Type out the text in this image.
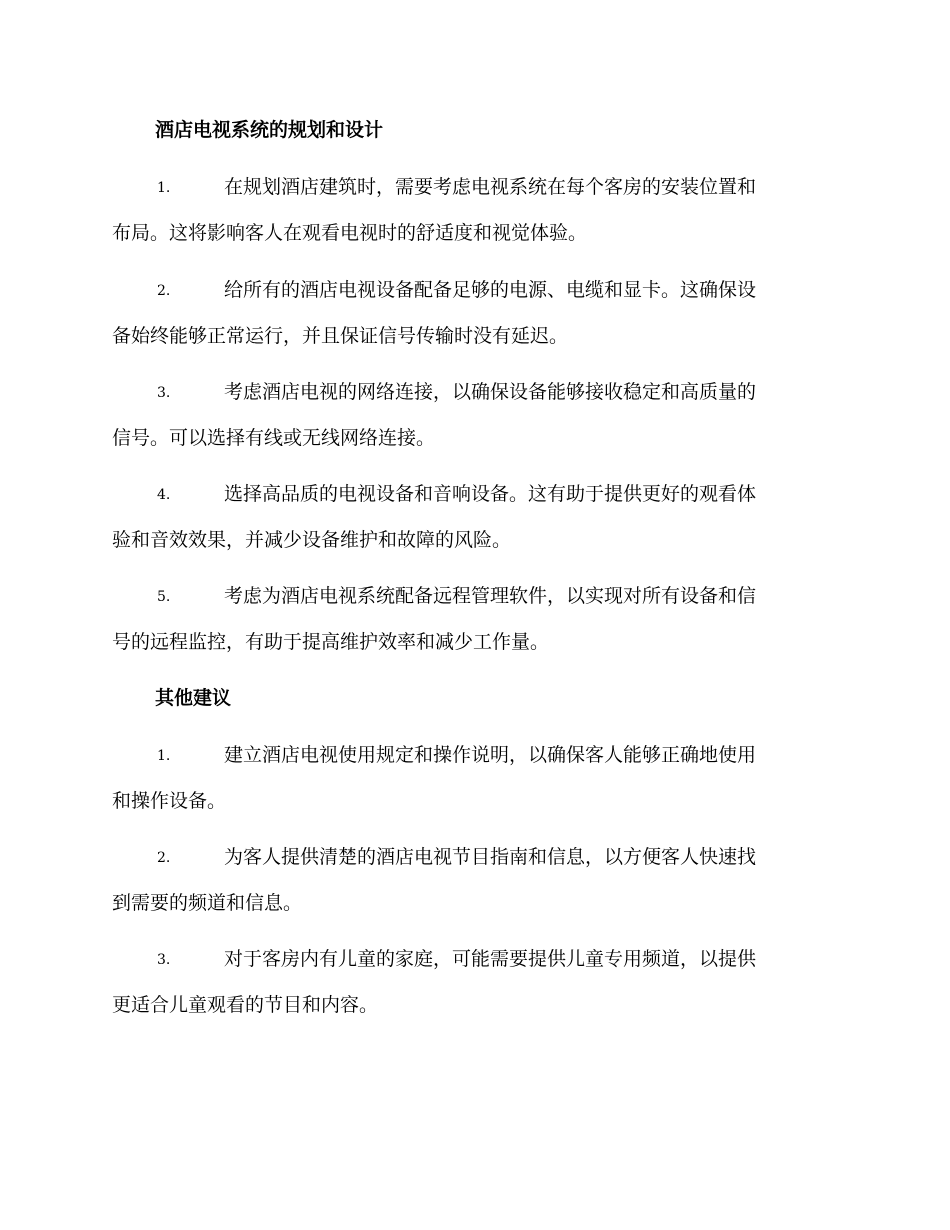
酒店电视系统的规划和设计
1.	在规划酒店建筑时，需要考虑电视系统在每个客房的安装位置和
布局。这将影响客人在观看电视时的舒适度和视觉体验。
2.	给所有的酒店电视设备配备足够的电源、电缆和显卡。这确保设
备始终能够正常运行，并且保证信号传输时没有延迟。
3.	考虑酒店电视的网络连接，以确保设备能够接收稳定和高质量的
信号。可以选择有线或无线网络连接。
4.	选择高品质的电视设备和音响设备。这有助于提供更好的观看体
验和音效效果，并减少设备维护和故障的风险。
5.	考虑为酒店电视系统配备远程管理软件，以实现对所有设备和信
号的远程监控，有助于提高维护效率和减少工作量。
其他建议
1.	建立酒店电视使用规定和操作说明，以确保客人能够正确地使用
和操作设备。
2.	为客人提供清楚的酒店电视节目指南和信息，以方便客人快速找
到需要的频道和信息。
3.	对于客房内有儿童的家庭，可能需要提供儿童专用频道，以提供
更适合儿童观看的节目和内容。
